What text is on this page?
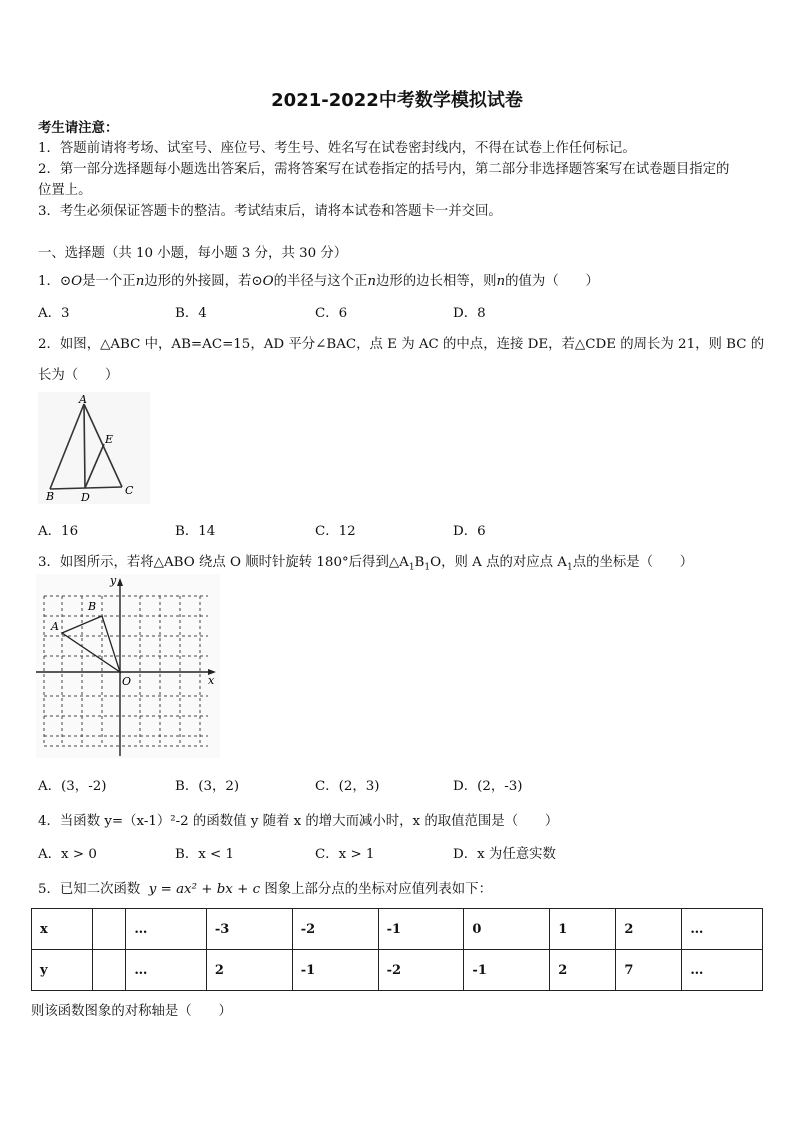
2021-2022中考数学模拟试卷
考生请注意：
1．答题前请将考场、试室号、座位号、考生号、姓名写在试卷密封线内，不得在试卷上作任何标记。
2．第一部分选择题每小题选出答案后，需将答案写在试卷指定的括号内，第二部分非选择题答案写在试卷题目指定的
位置上。
3．考生必须保证答题卡的整洁。考试结束后，请将本试卷和答题卡一并交回。
一、选择题（共 10 小题，每小题 3 分，共 30 分）
1．⊙O是一个正n边形的外接圆，若⊙O的半径与这个正n边形的边长相等，则n的值为（　　）
A．3	B．4	C．6	D．8
2．如图，△ABC 中，AB=AC=15，AD 平分∠BAC，点 E 为 AC 的中点，连接 DE，若△CDE 的周长为 21，则 BC 的
长为（　　）
A
E
B D
C
A．16	B．14	C．12	D．6
3．如图所示，若将△ABO 绕点 O 顺时针旋转 180°后得到$\triangle A_1B_1O$，则 A 点的对应点 $A_1$点的坐标是（　　）
B
A
O	x
y
A．(3，-2)	B．(3，2)	C．(2，3)	D．(2，-3)
4．当函数 y=（x-1）²-2 的函数值 y 随着 x 的增大而减小时，x 的取值范围是（　　）
A．x > 0	B．x < 1	C．x > 1	D．x 为任意实数
5．已知二次函数 y = ax² + bx + c 图象上部分点的坐标对应值列表如下：
x		…	-3	-2	-1	0	1	2	…
y		…	2	-1	-2	-1	2	7	…
则该函数图象的对称轴是（　　）
